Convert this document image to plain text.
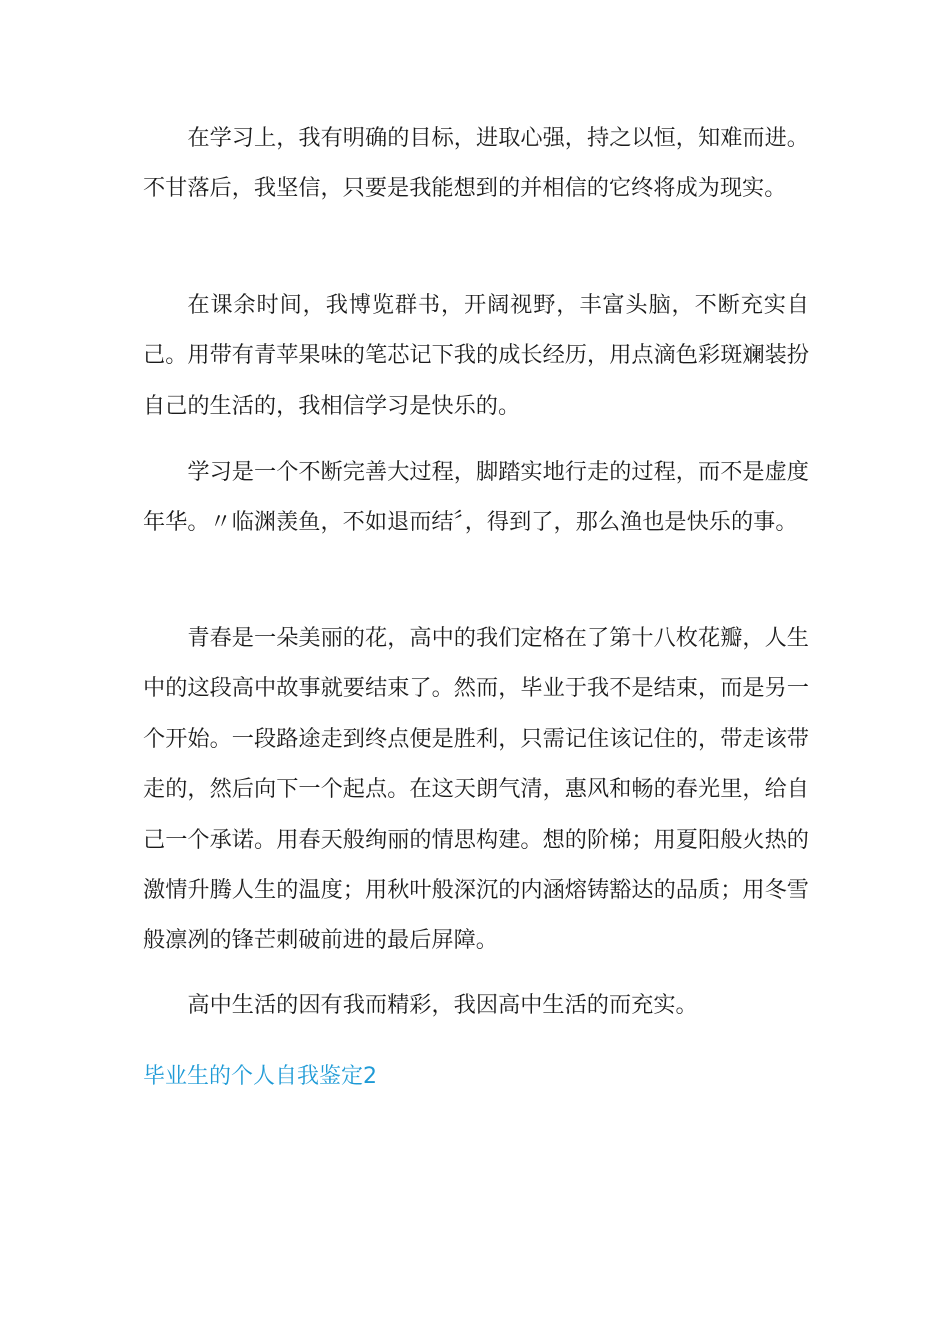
在学习上，我有明确的目标，进取心强，持之以恒，知难而进。不甘落后，我坚信，只要是我能想到的并相信的它终将成为现实。

在课余时间，我博览群书，开阔视野，丰富头脑，不断充实自己。用带有青苹果味的笔芯记下我的成长经历，用点滴色彩斑斓装扮自己的生活的，我相信学习是快乐的。

学习是一个不断完善大过程，脚踏实地行走的过程，而不是虚度年华。〃临渊羡鱼，不如退而结〞，得到了，那么渔也是快乐的事。

青春是一朵美丽的花，高中的我们定格在了第十八枚花瓣，人生中的这段高中故事就要结束了。然而，毕业于我不是结束，而是另一个开始。一段路途走到终点便是胜利，只需记住该记住的，带走该带走的，然后向下一个起点。在这天朗气清，惠风和畅的春光里，给自己一个承诺。用春天般绚丽的情思构建。想的阶梯；用夏阳般火热的激情升腾人生的温度；用秋叶般深沉的内涵熔铸豁达的品质；用冬雪般凛冽的锋芒刺破前进的最后屏障。

高中生活的因有我而精彩，我因高中生活的而充实。

毕业生的个人自我鉴定2
